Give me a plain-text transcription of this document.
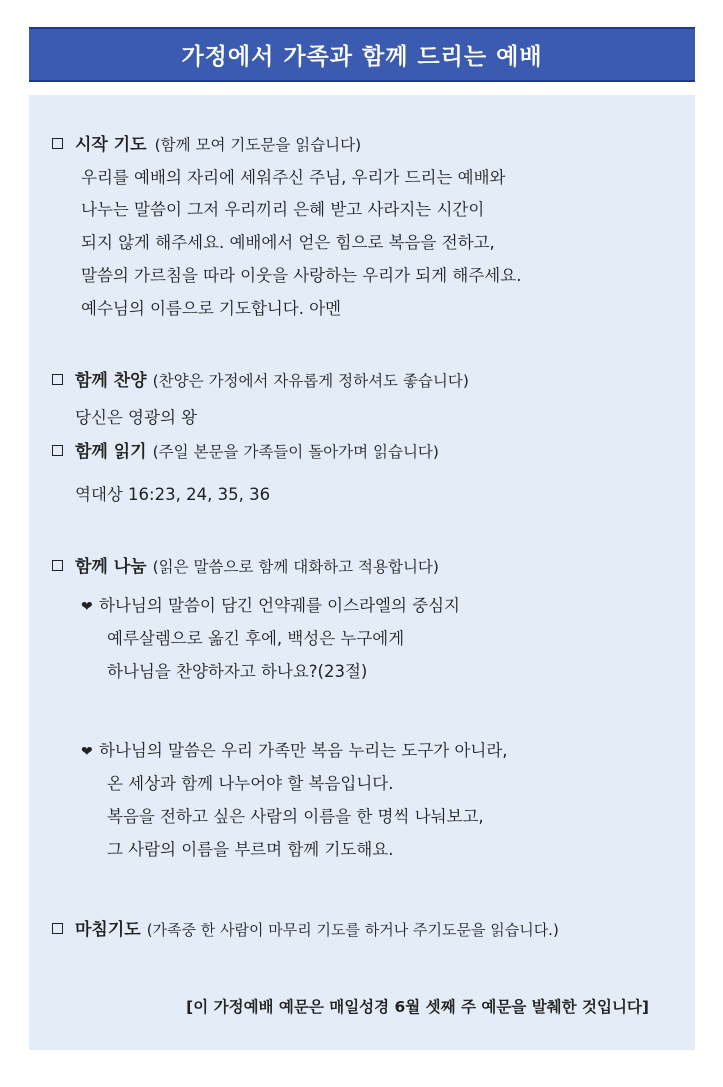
가정에서 가족과 함께 드리는 예배
시작 기도 (함께 모여 기도문을 읽습니다)
우리를 예배의 자리에 세워주신 주님, 우리가 드리는 예배와
나누는 말씀이 그저 우리끼리 은혜 받고 사라지는 시간이
되지 않게 해주세요. 예배에서 얻은 힘으로 복음을 전하고,
말씀의 가르침을 따라 이웃을 사랑하는 우리가 되게 해주세요.
예수님의 이름으로 기도합니다. 아멘
함께 찬양 (찬양은 가정에서 자유롭게 정하셔도 좋습니다)
당신은 영광의 왕
함께 읽기 (주일 본문을 가족들이 돌아가며 읽습니다)
역대상 16:23, 24, 35, 36
함께 나눔 (읽은 말씀으로 함께 대화하고 적용합니다)
❤ 하나님의 말씀이 담긴 언약궤를 이스라엘의 중심지
예루살렘으로 옮긴 후에, 백성은 누구에게
하나님을 찬양하자고 하나요?(23절)
❤ 하나님의 말씀은 우리 가족만 복음 누리는 도구가 아니라,
온 세상과 함께 나누어야 할 복음입니다.
복음을 전하고 싶은 사람의 이름을 한 명씩 나눠보고,
그 사람의 이름을 부르며 함께 기도해요.
마침기도 (가족중 한 사람이 마무리 기도를 하거나 주기도문을 읽습니다.)
[이 가정예배 예문은 매일성경 6월 셋째 주 예문을 발췌한 것입니다]
